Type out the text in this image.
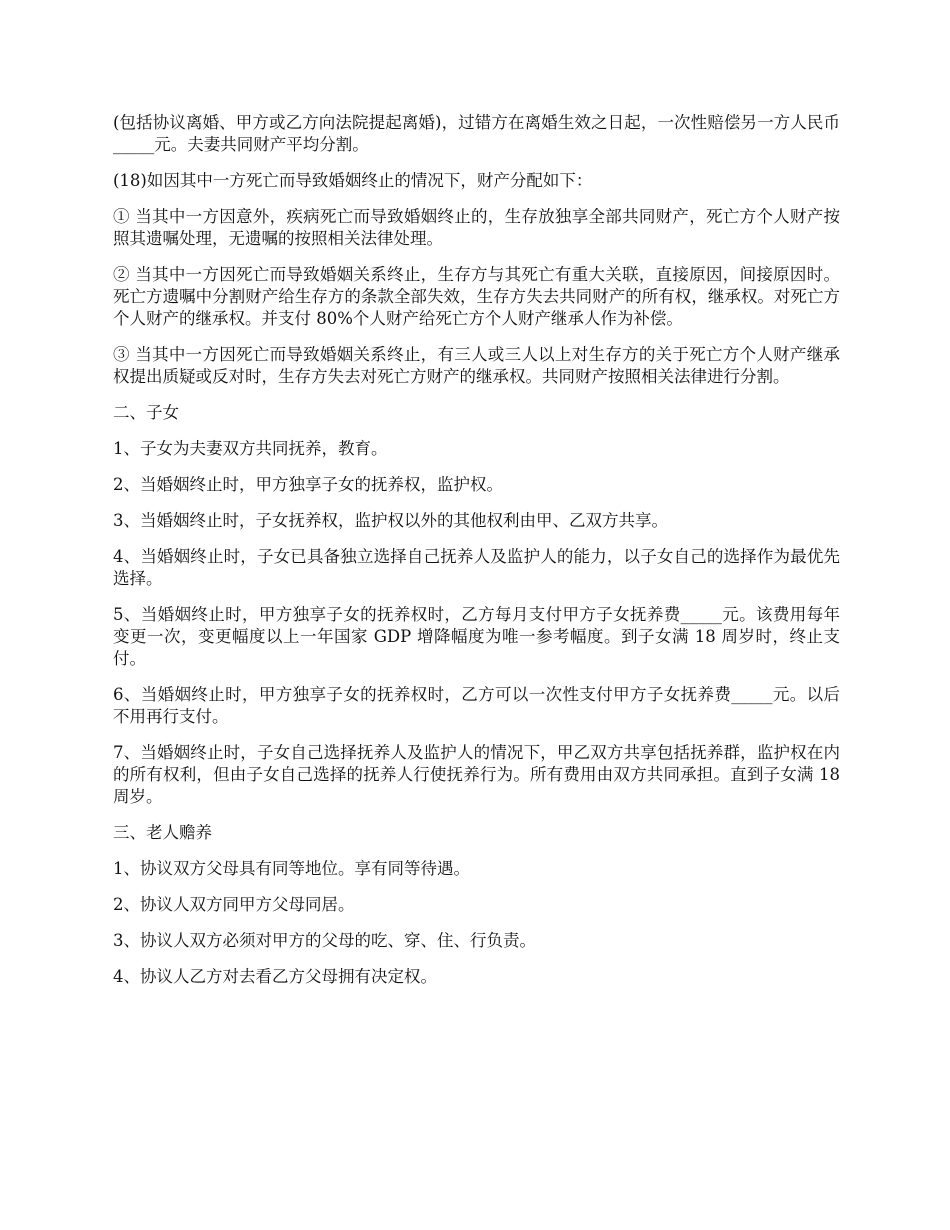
(包括协议离婚、甲方或乙方向法院提起离婚)，过错方在离婚生效之日起，一次性赔偿另一方人民币_____元。夫妻共同财产平均分割。

(18)如因其中一方死亡而导致婚姻终止的情况下，财产分配如下：

① 当其中一方因意外，疾病死亡而导致婚姻终止的，生存放独享全部共同财产，死亡方个人财产按照其遗嘱处理，无遗嘱的按照相关法律处理。

② 当其中一方因死亡而导致婚姻关系终止，生存方与其死亡有重大关联，直接原因，间接原因时。死亡方遗嘱中分割财产给生存方的条款全部失效，生存方失去共同财产的所有权，继承权。对死亡方个人财产的继承权。并支付 80%个人财产给死亡方个人财产继承人作为补偿。

③ 当其中一方因死亡而导致婚姻关系终止，有三人或三人以上对生存方的关于死亡方个人财产继承权提出质疑或反对时，生存方失去对死亡方财产的继承权。共同财产按照相关法律进行分割。

二、子女

1、子女为夫妻双方共同抚养，教育。

2、当婚姻终止时，甲方独享子女的抚养权，监护权。

3、当婚姻终止时，子女抚养权，监护权以外的其他权利由甲、乙双方共享。

4、当婚姻终止时，子女已具备独立选择自己抚养人及监护人的能力，以子女自己的选择作为最优先选择。

5、当婚姻终止时，甲方独享子女的抚养权时，乙方每月支付甲方子女抚养费_____元。该费用每年变更一次，变更幅度以上一年国家 GDP 增降幅度为唯一参考幅度。到子女满 18 周岁时，终止支付。

6、当婚姻终止时，甲方独享子女的抚养权时，乙方可以一次性支付甲方子女抚养费_____元。以后不用再行支付。

7、当婚姻终止时，子女自己选择抚养人及监护人的情况下，甲乙双方共享包括抚养群，监护权在内的所有权利，但由子女自己选择的抚养人行使抚养行为。所有费用由双方共同承担。直到子女满 18 周岁。

三、老人赡养

1、协议双方父母具有同等地位。享有同等待遇。

2、协议人双方同甲方父母同居。

3、协议人双方必须对甲方的父母的吃、穿、住、行负责。

4、协议人乙方对去看乙方父母拥有决定权。
